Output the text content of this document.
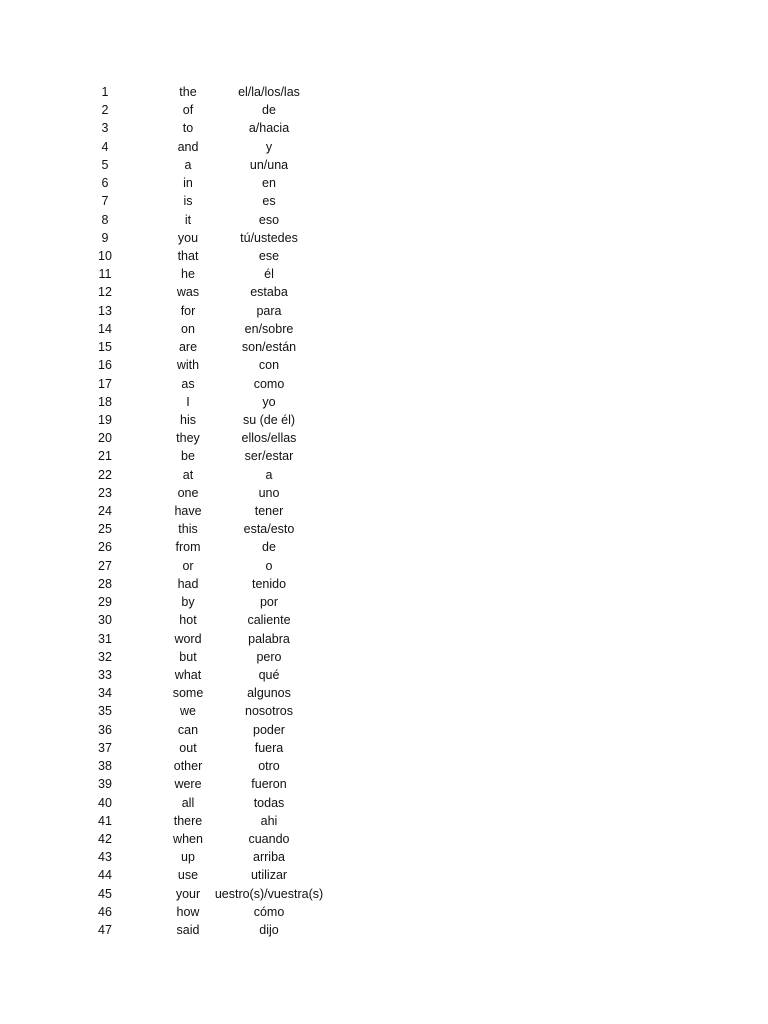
1	the	el/la/los/las
2	of	de
3	to	a/hacia
4	and	y
5	a	un/una
6	in	en
7	is	es
8	it	eso
9	you	tú/ustedes
10	that	ese
11	he	él
12	was	estaba
13	for	para
14	on	en/sobre
15	are	son/están
16	with	con
17	as	como
18	I	yo
19	his	su (de él)
20	they	ellos/ellas
21	be	ser/estar
22	at	a
23	one	uno
24	have	tener
25	this	esta/esto
26	from	de
27	or	o
28	had	tenido
29	by	por
30	hot	caliente
31	word	palabra
32	but	pero
33	what	qué
34	some	algunos
35	we	nosotros
36	can	poder
37	out	fuera
38	other	otro
39	were	fueron
40	all	todas
41	there	ahi
42	when	cuando
43	up	arriba
44	use	utilizar
45	your	uestro(s)/vuestra(s)
46	how	cómo
47	said	dijo
